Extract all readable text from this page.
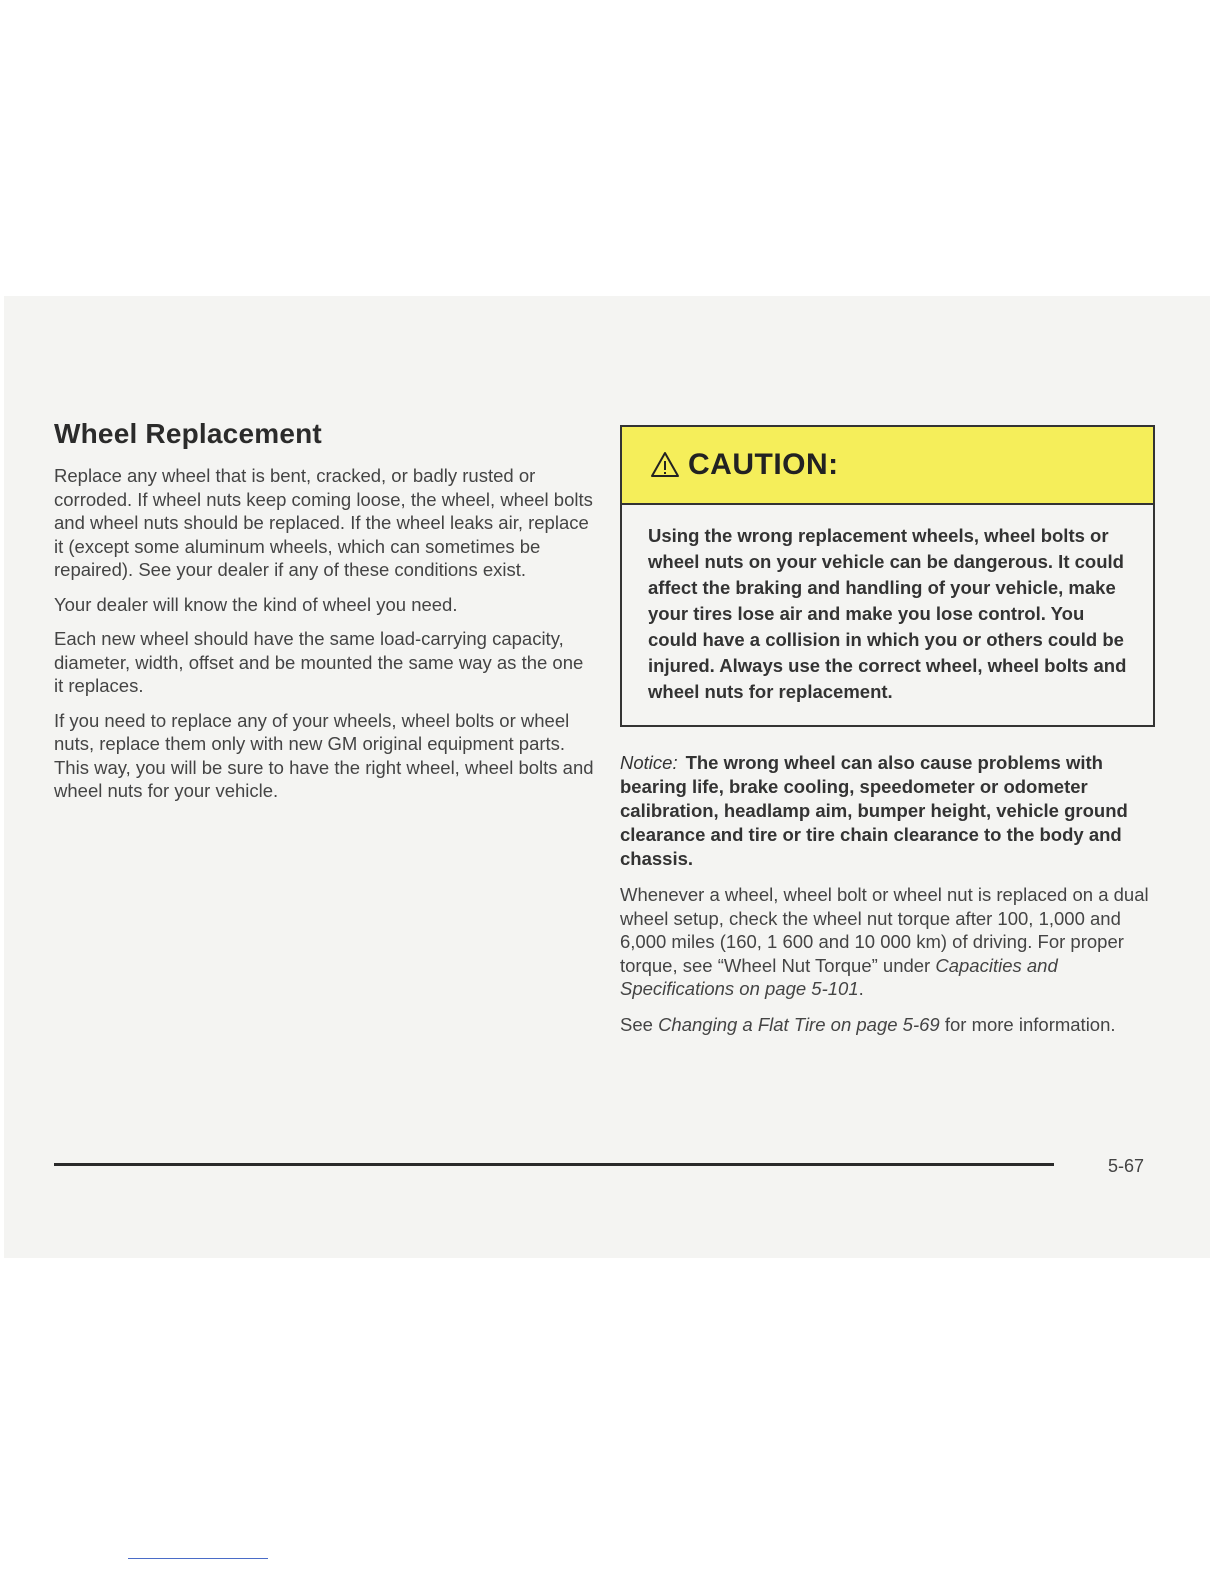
Wheel Replacement

Replace any wheel that is bent, cracked, or badly rusted or corroded. If wheel nuts keep coming loose, the wheel, wheel bolts and wheel nuts should be replaced. If the wheel leaks air, replace it (except some aluminum wheels, which can sometimes be repaired). See your dealer if any of these conditions exist.

Your dealer will know the kind of wheel you need.

Each new wheel should have the same load-carrying capacity, diameter, width, offset and be mounted the same way as the one it replaces.

If you need to replace any of your wheels, wheel bolts or wheel nuts, replace them only with new GM original equipment parts. This way, you will be sure to have the right wheel, wheel bolts and wheel nuts for your vehicle.

CAUTION:
Using the wrong replacement wheels, wheel bolts or wheel nuts on your vehicle can be dangerous. It could affect the braking and handling of your vehicle, make your tires lose air and make you lose control. You could have a collision in which you or others could be injured. Always use the correct wheel, wheel bolts and wheel nuts for replacement.
Notice: The wrong wheel can also cause problems with bearing life, brake cooling, speedometer or odometer calibration, headlamp aim, bumper height, vehicle ground clearance and tire or tire chain clearance to the body and chassis.

Whenever a wheel, wheel bolt or wheel nut is replaced on a dual wheel setup, check the wheel nut torque after 100, 1,000 and 6,000 miles (160, 1 600 and 10 000 km) of driving. For proper torque, see “Wheel Nut Torque” under Capacities and Specifications on page 5-101.

See Changing a Flat Tire on page 5-69 for more information.

5-67
